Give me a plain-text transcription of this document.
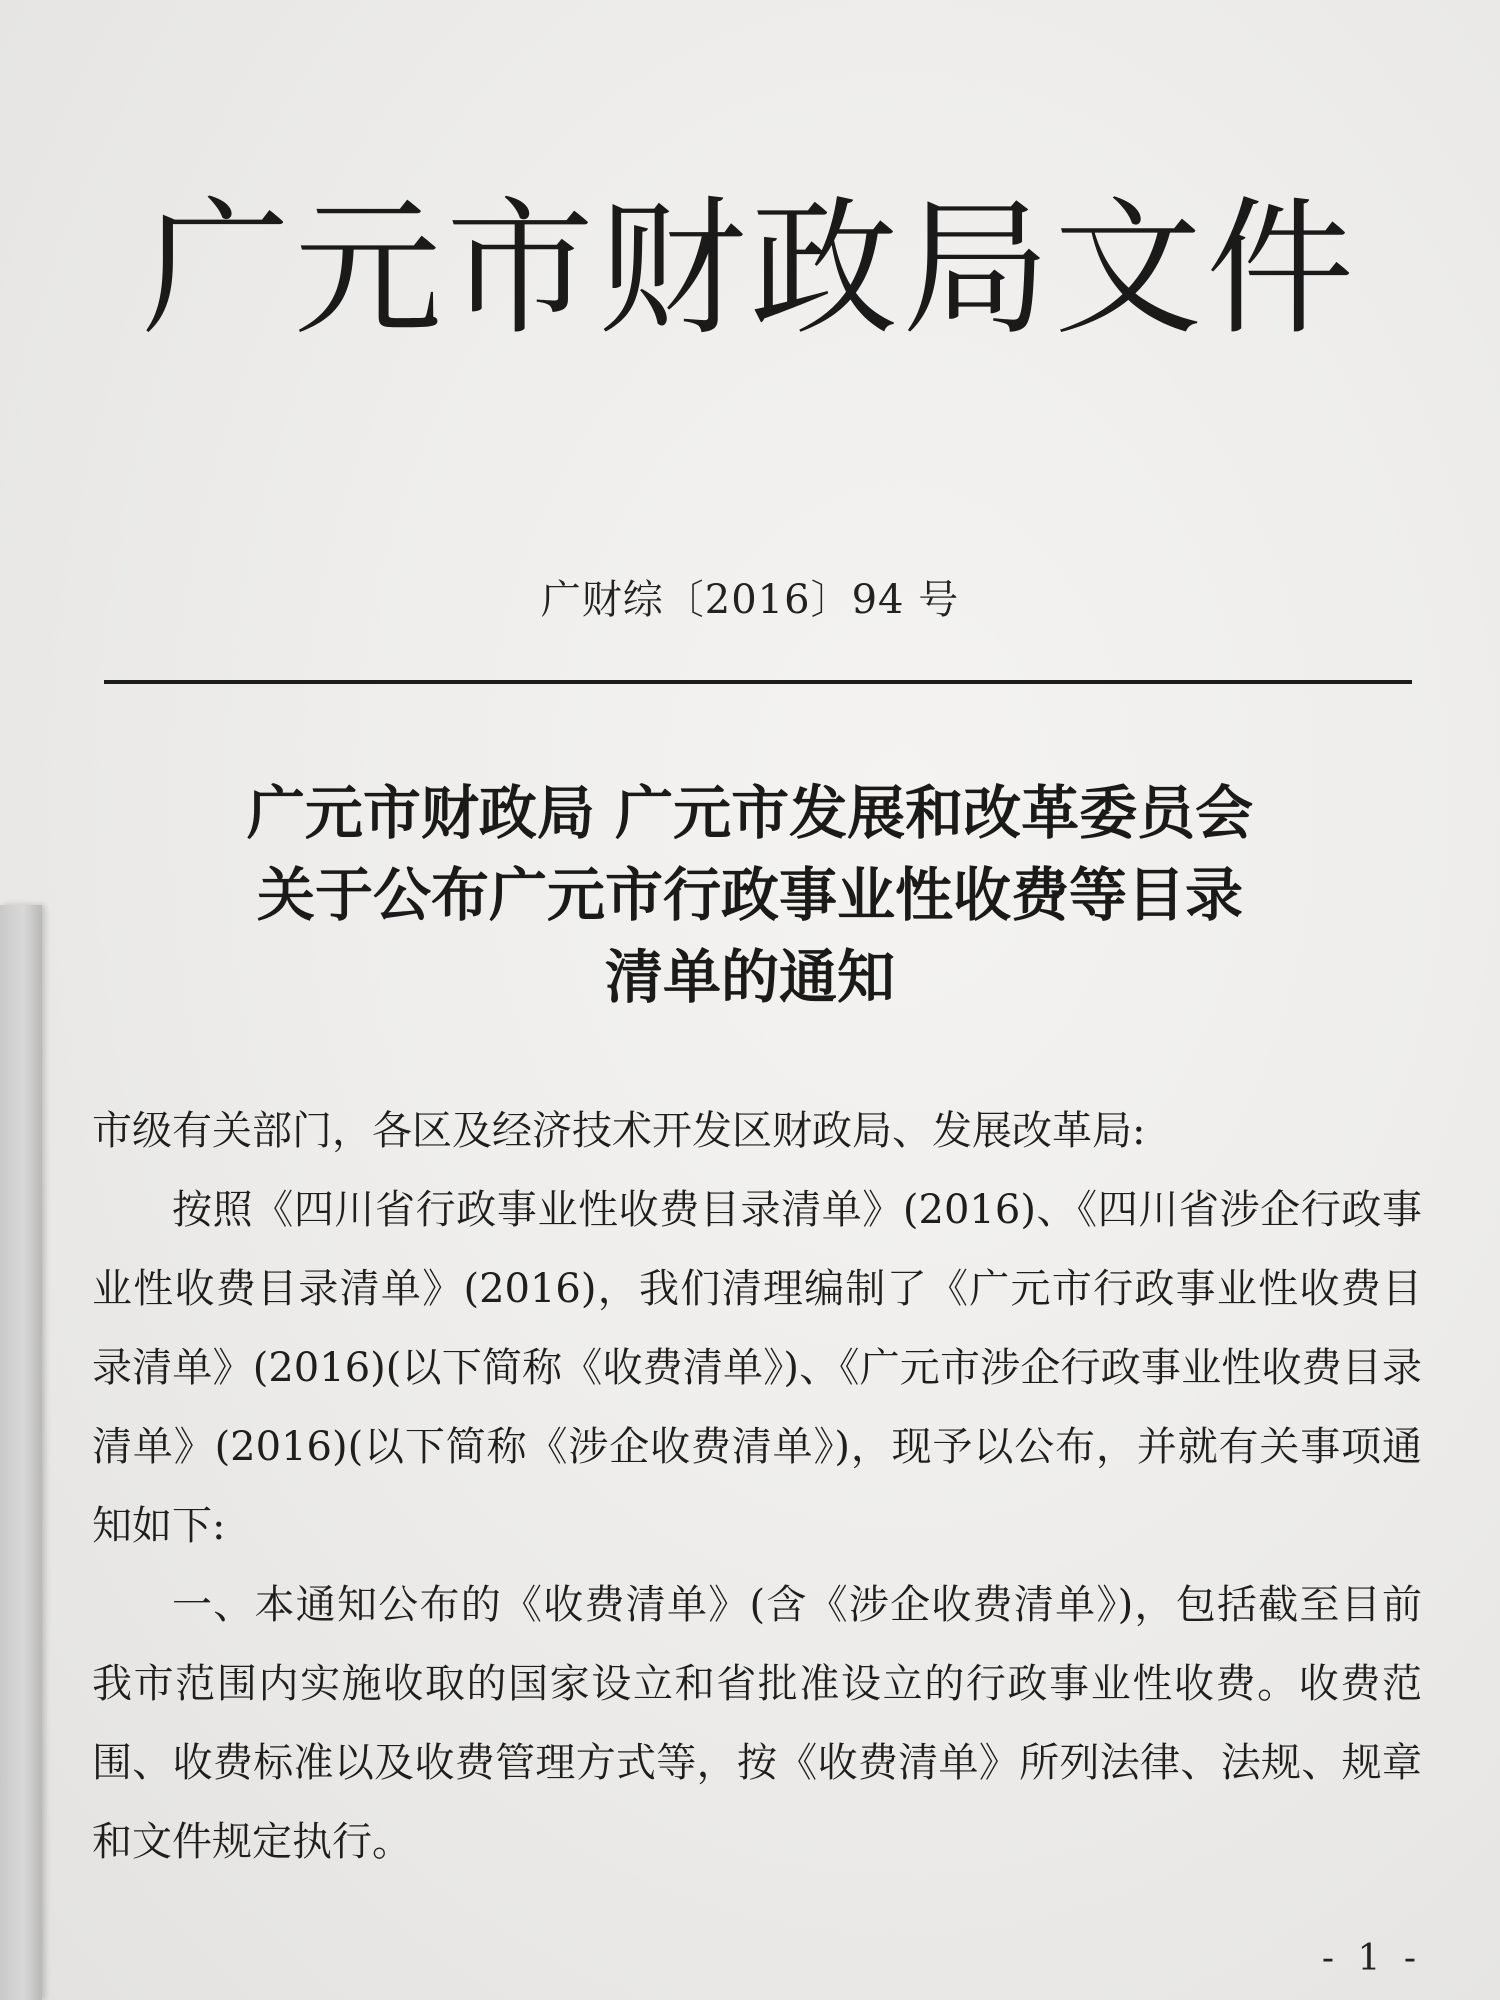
广元市财政局文件
广财综〔2016〕94 号
广元市财政局 广元市发展和改革委员会
关于公布广元市行政事业性收费等目录
清单的通知

市级有关部门，各区及经济技术开发区财政局、发展改革局:

按照《四川省行政事业性收费目录清单》(2016)、《四川省涉企行政事业性收费目录清单》(2016)，我们清理编制了《广元市行政事业性收费目录清单》(2016)(以下简称《收费清单》)、《广元市涉企行政事业性收费目录清单》(2016)(以下简称《涉企收费清单》)，现予以公布，并就有关事项通知如下:

一、本通知公布的《收费清单》(含《涉企收费清单》)，包括截至目前我市范围内实施收取的国家设立和省批准设立的行政事业性收费。收费范围、收费标准以及收费管理方式等，按《收费清单》所列法律、法规、规章和文件规定执行。

- 1 -
